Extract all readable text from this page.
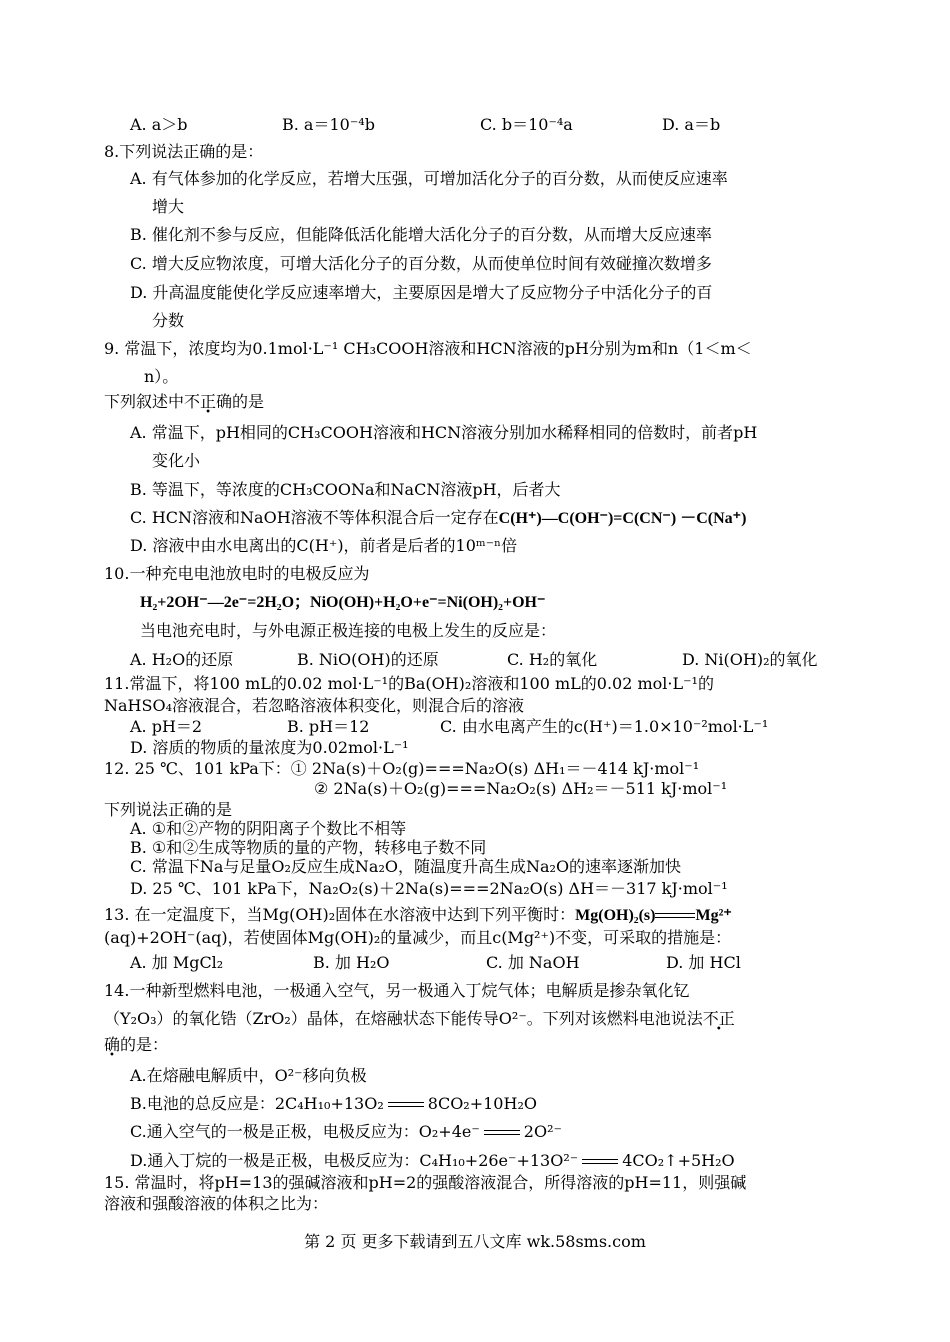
A. a＞b	B. a＝10⁻⁴b	C. b＝10⁻⁴a	D. a＝b
8.下列说法正确的是：
A. 有气体参加的化学反应，若增大压强，可增加活化分子的百分数，从而使反应速率
增大
B. 催化剂不参与反应，但能降低活化能增大活化分子的百分数，从而增大反应速率
C. 增大反应物浓度，可增大活化分子的百分数，从而使单位时间有效碰撞次数增多
D. 升高温度能使化学反应速率增大，主要原因是增大了反应物分子中活化分子的百
分数
9. 常温下，浓度均为0.1mol·L⁻¹ CH₃COOH溶液和HCN溶液的pH分别为m和n（1＜m＜
n）。
下列叙述中不正确的是
A. 常温下，pH相同的CH₃COOH溶液和HCN溶液分别加水稀释相同的倍数时，前者pH
变化小
B. 等温下，等浓度的CH₃COONa和NaCN溶液pH，后者大
C. HCN溶液和NaOH溶液不等体积混合后一定存在C(H⁺)—C(OH⁻)=C(CN⁻) －C(Na⁺)
D. 溶液中由水电离出的C(H⁺)，前者是后者的10ᵐ⁻ⁿ倍
10.一种充电电池放电时的电极反应为
H₂+2OH⁻—2e⁻=2H₂O；NiO(OH)+H₂O+e⁻=Ni(OH)₂+OH⁻
当电池充电时，与外电源正极连接的电极上发生的反应是：
A. H₂O的还原	B. NiO(OH)的还原	C. H₂的氧化	D. Ni(OH)₂的氧化
11.常温下，将100 mL的0.02 mol·L⁻¹的Ba(OH)₂溶液和100 mL的0.02 mol·L⁻¹的
NaHSO₄溶液混合，若忽略溶液体积变化，则混合后的溶液
A. pH＝2	B. pH＝12	C. 由水电离产生的c(H⁺)＝1.0×10⁻²mol·L⁻¹
D. 溶质的物质的量浓度为0.02mol·L⁻¹
12. 25 ℃、101 kPa下：① 2Na(s)＋O₂(g)===Na₂O(s) ΔH₁＝－414 kJ·mol⁻¹
② 2Na(s)＋O₂(g)===Na₂O₂(s) ΔH₂＝－511 kJ·mol⁻¹
下列说法正确的是
A. ①和②产物的阴阳离子个数比不相等
B. ①和②生成等物质的量的产物，转移电子数不同
C. 常温下Na与足量O₂反应生成Na₂O，随温度升高生成Na₂O的速率逐渐加快
D. 25 ℃、101 kPa下，Na₂O₂(s)＋2Na(s)===2Na₂O(s) ΔH＝－317 kJ·mol⁻¹
13. 在一定温度下，当Mg(OH)₂固体在水溶液中达到下列平衡时：Mg(OH)₂(s)	Mg²⁺
(aq)+2OH⁻(aq)，若使固体Mg(OH)₂的量减少，而且c(Mg²⁺)不变，可采取的措施是：
A. 加 MgCl₂	B. 加 H₂O	C. 加 NaOH	D. 加 HCl
14.一种新型燃料电池，一极通入空气，另一极通入丁烷气体；电解质是掺杂氧化钇
（Y₂O₃）的氧化锆（ZrO₂）晶体，在熔融状态下能传导O²⁻。下列对该燃料电池说法不正
确的是：
A.在熔融电解质中，O²⁻移向负极
B.电池的总反应是：2C₄H₁₀+13O₂	8CO₂+10H₂O
C.通入空气的一极是正极，电极反应为：O₂+4e⁻	2O²⁻
D.通入丁烷的一极是正极，电极反应为：C₄H₁₀+26e⁻+13O²⁻	4CO₂↑+5H₂O
15. 常温时，将pH=13的强碱溶液和pH=2的强酸溶液混合，所得溶液的pH=11，则强碱
溶液和强酸溶液的体积之比为：
第 2 页 更多下载请到五八文库 wk.58sms.com
